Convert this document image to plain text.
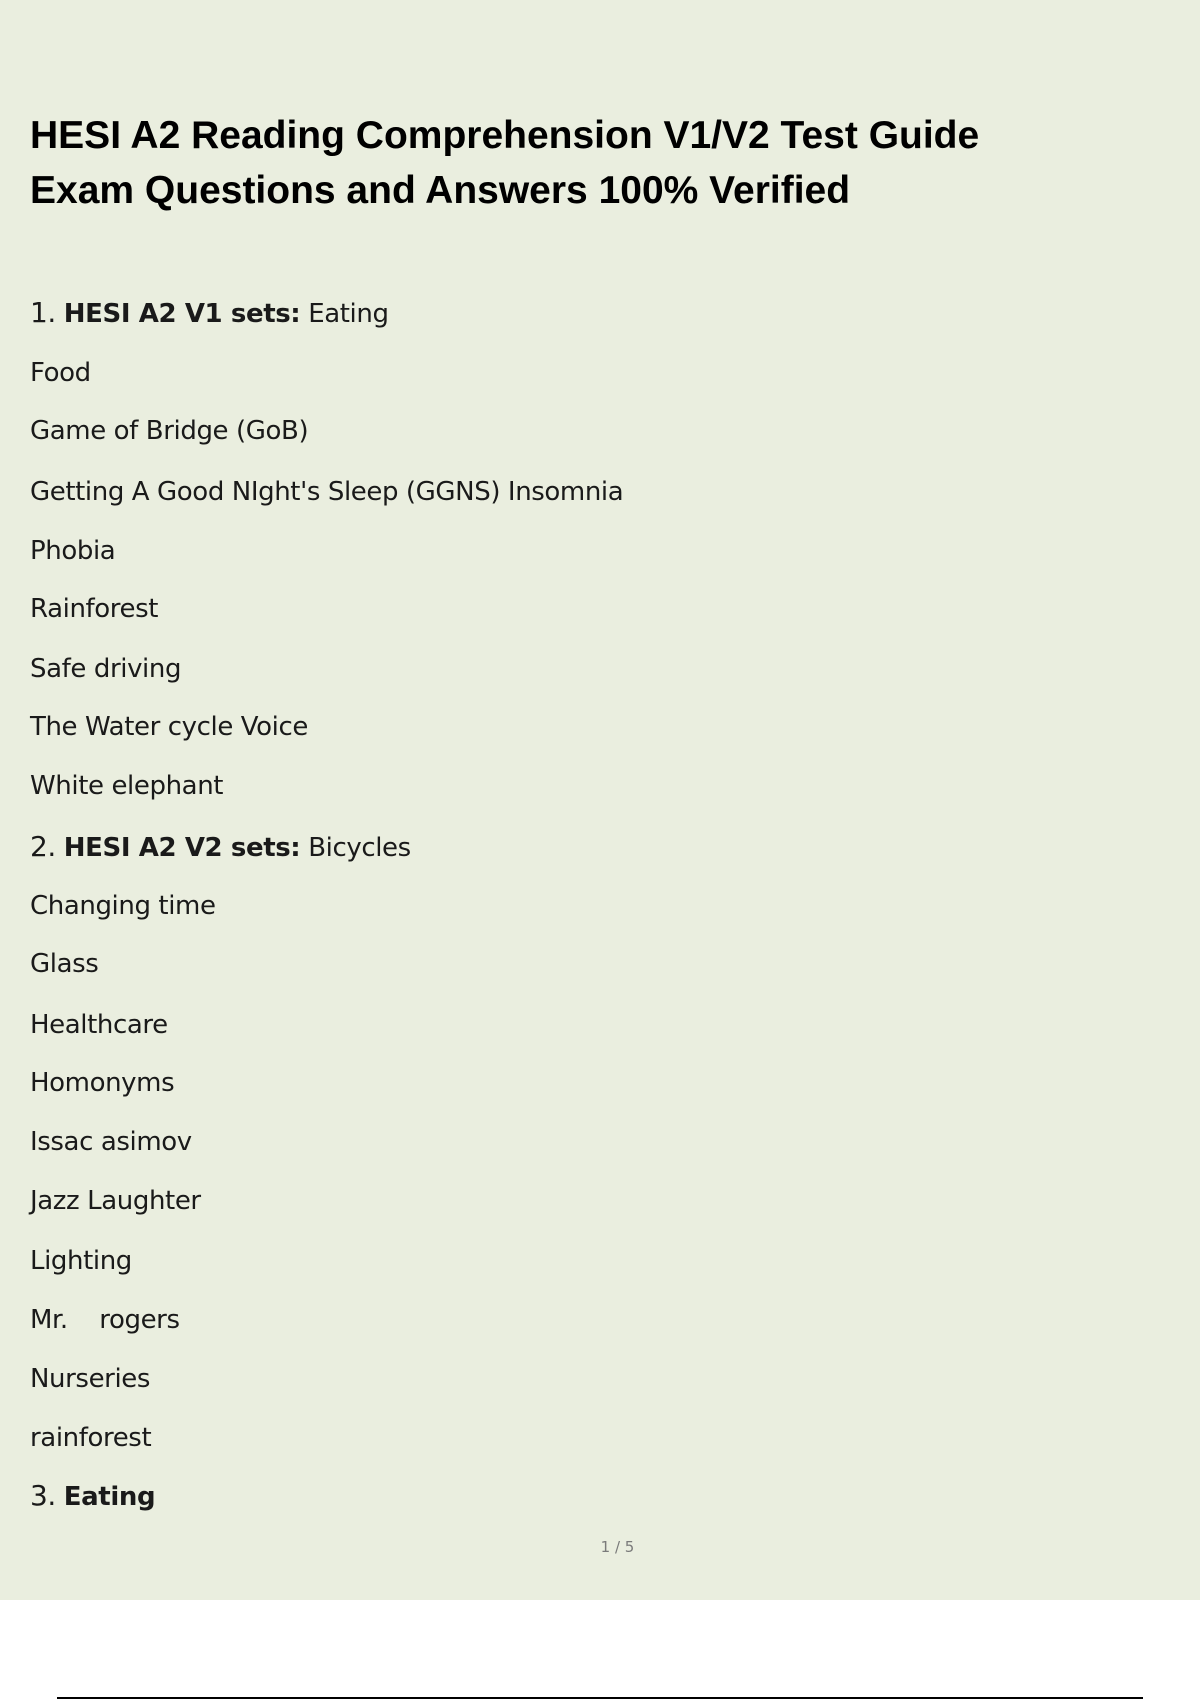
HESI A2 Reading Comprehension V1/V2 Test Guide
Exam Questions and Answers 100% Verified
1. HESI A2 V1 sets: Eating
Food
Game of Bridge (GoB)
Getting A Good NIght's Sleep (GGNS) Insomnia
Phobia
Rainforest
Safe driving
The Water cycle Voice
White elephant
2. HESI A2 V2 sets: Bicycles
Changing time
Glass
Healthcare
Homonyms
Issac asimov
Jazz Laughter
Lighting
Mr.    rogers
Nurseries
rainforest
3. Eating
1 / 5
